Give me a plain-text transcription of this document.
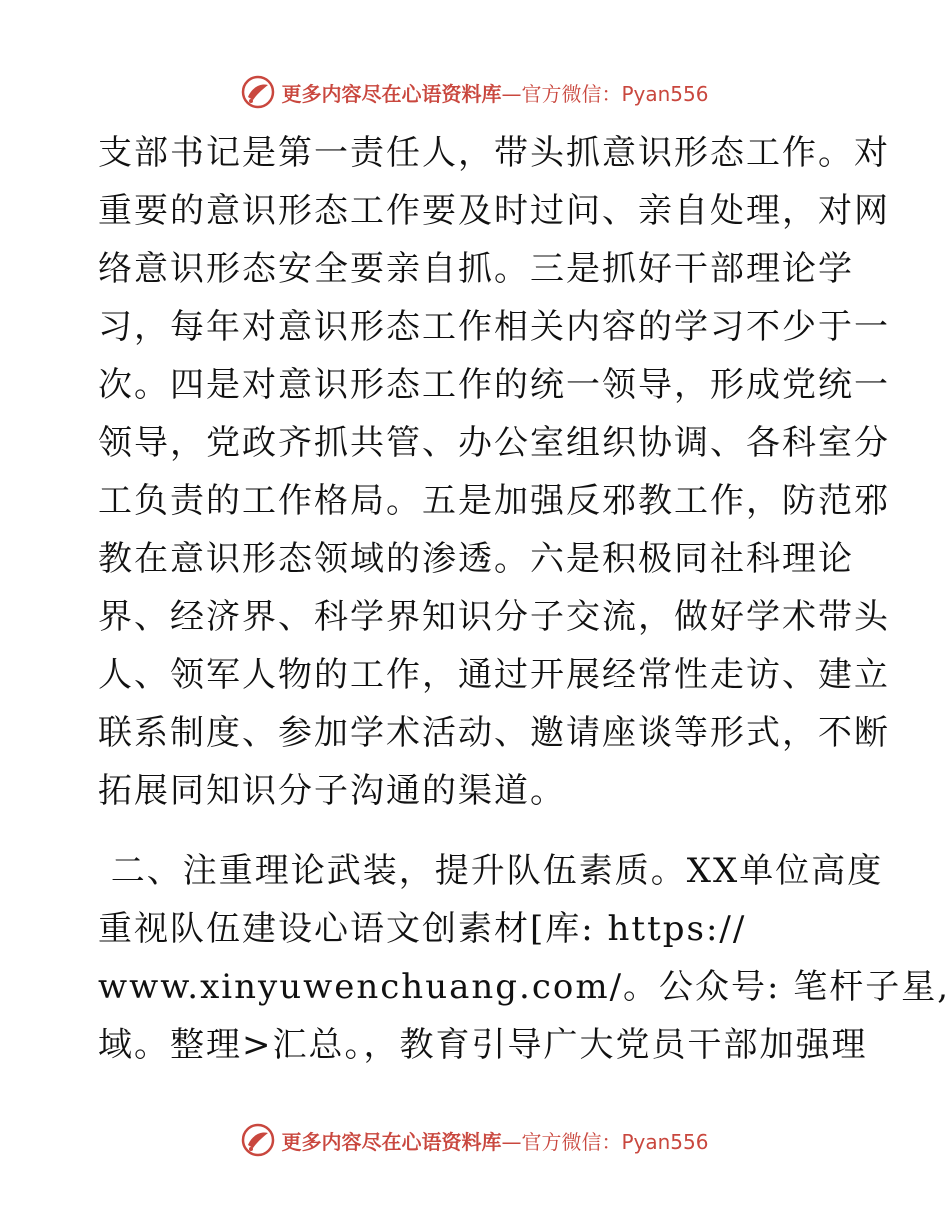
更多内容尽在心语资料库—官方微信：Pyan556

支部书记是第一责任人，带头抓意识形态工作。对
重要的意识形态工作要及时过问、亲自处理，对网
络意识形态安全要亲自抓。三是抓好干部理论学
习，每年对意识形态工作相关内容的学习不少于一
次。四是对意识形态工作的统一领导，形成党统一
领导，党政齐抓共管、办公室组织协调、各科室分
工负责的工作格局。五是加强反邪教工作，防范邪
教在意识形态领域的渗透。六是积极同社科理论
界、经济界、科学界知识分子交流，做好学术带头
人、领军人物的工作，通过开展经常性走访、建立
联系制度、参加学术活动、邀请座谈等形式，不断
拓展同知识分子沟通的渠道。

二、注重理论武装，提升队伍素质。XX单位高度
重视队伍建设心语文创素材[库: https://
www.xinyuwenchuang.com/。公众号: 笔杆子星,
域。整理>汇总。，教育引导广大党员干部加强理

更多内容尽在心语资料库—官方微信：Pyan556
